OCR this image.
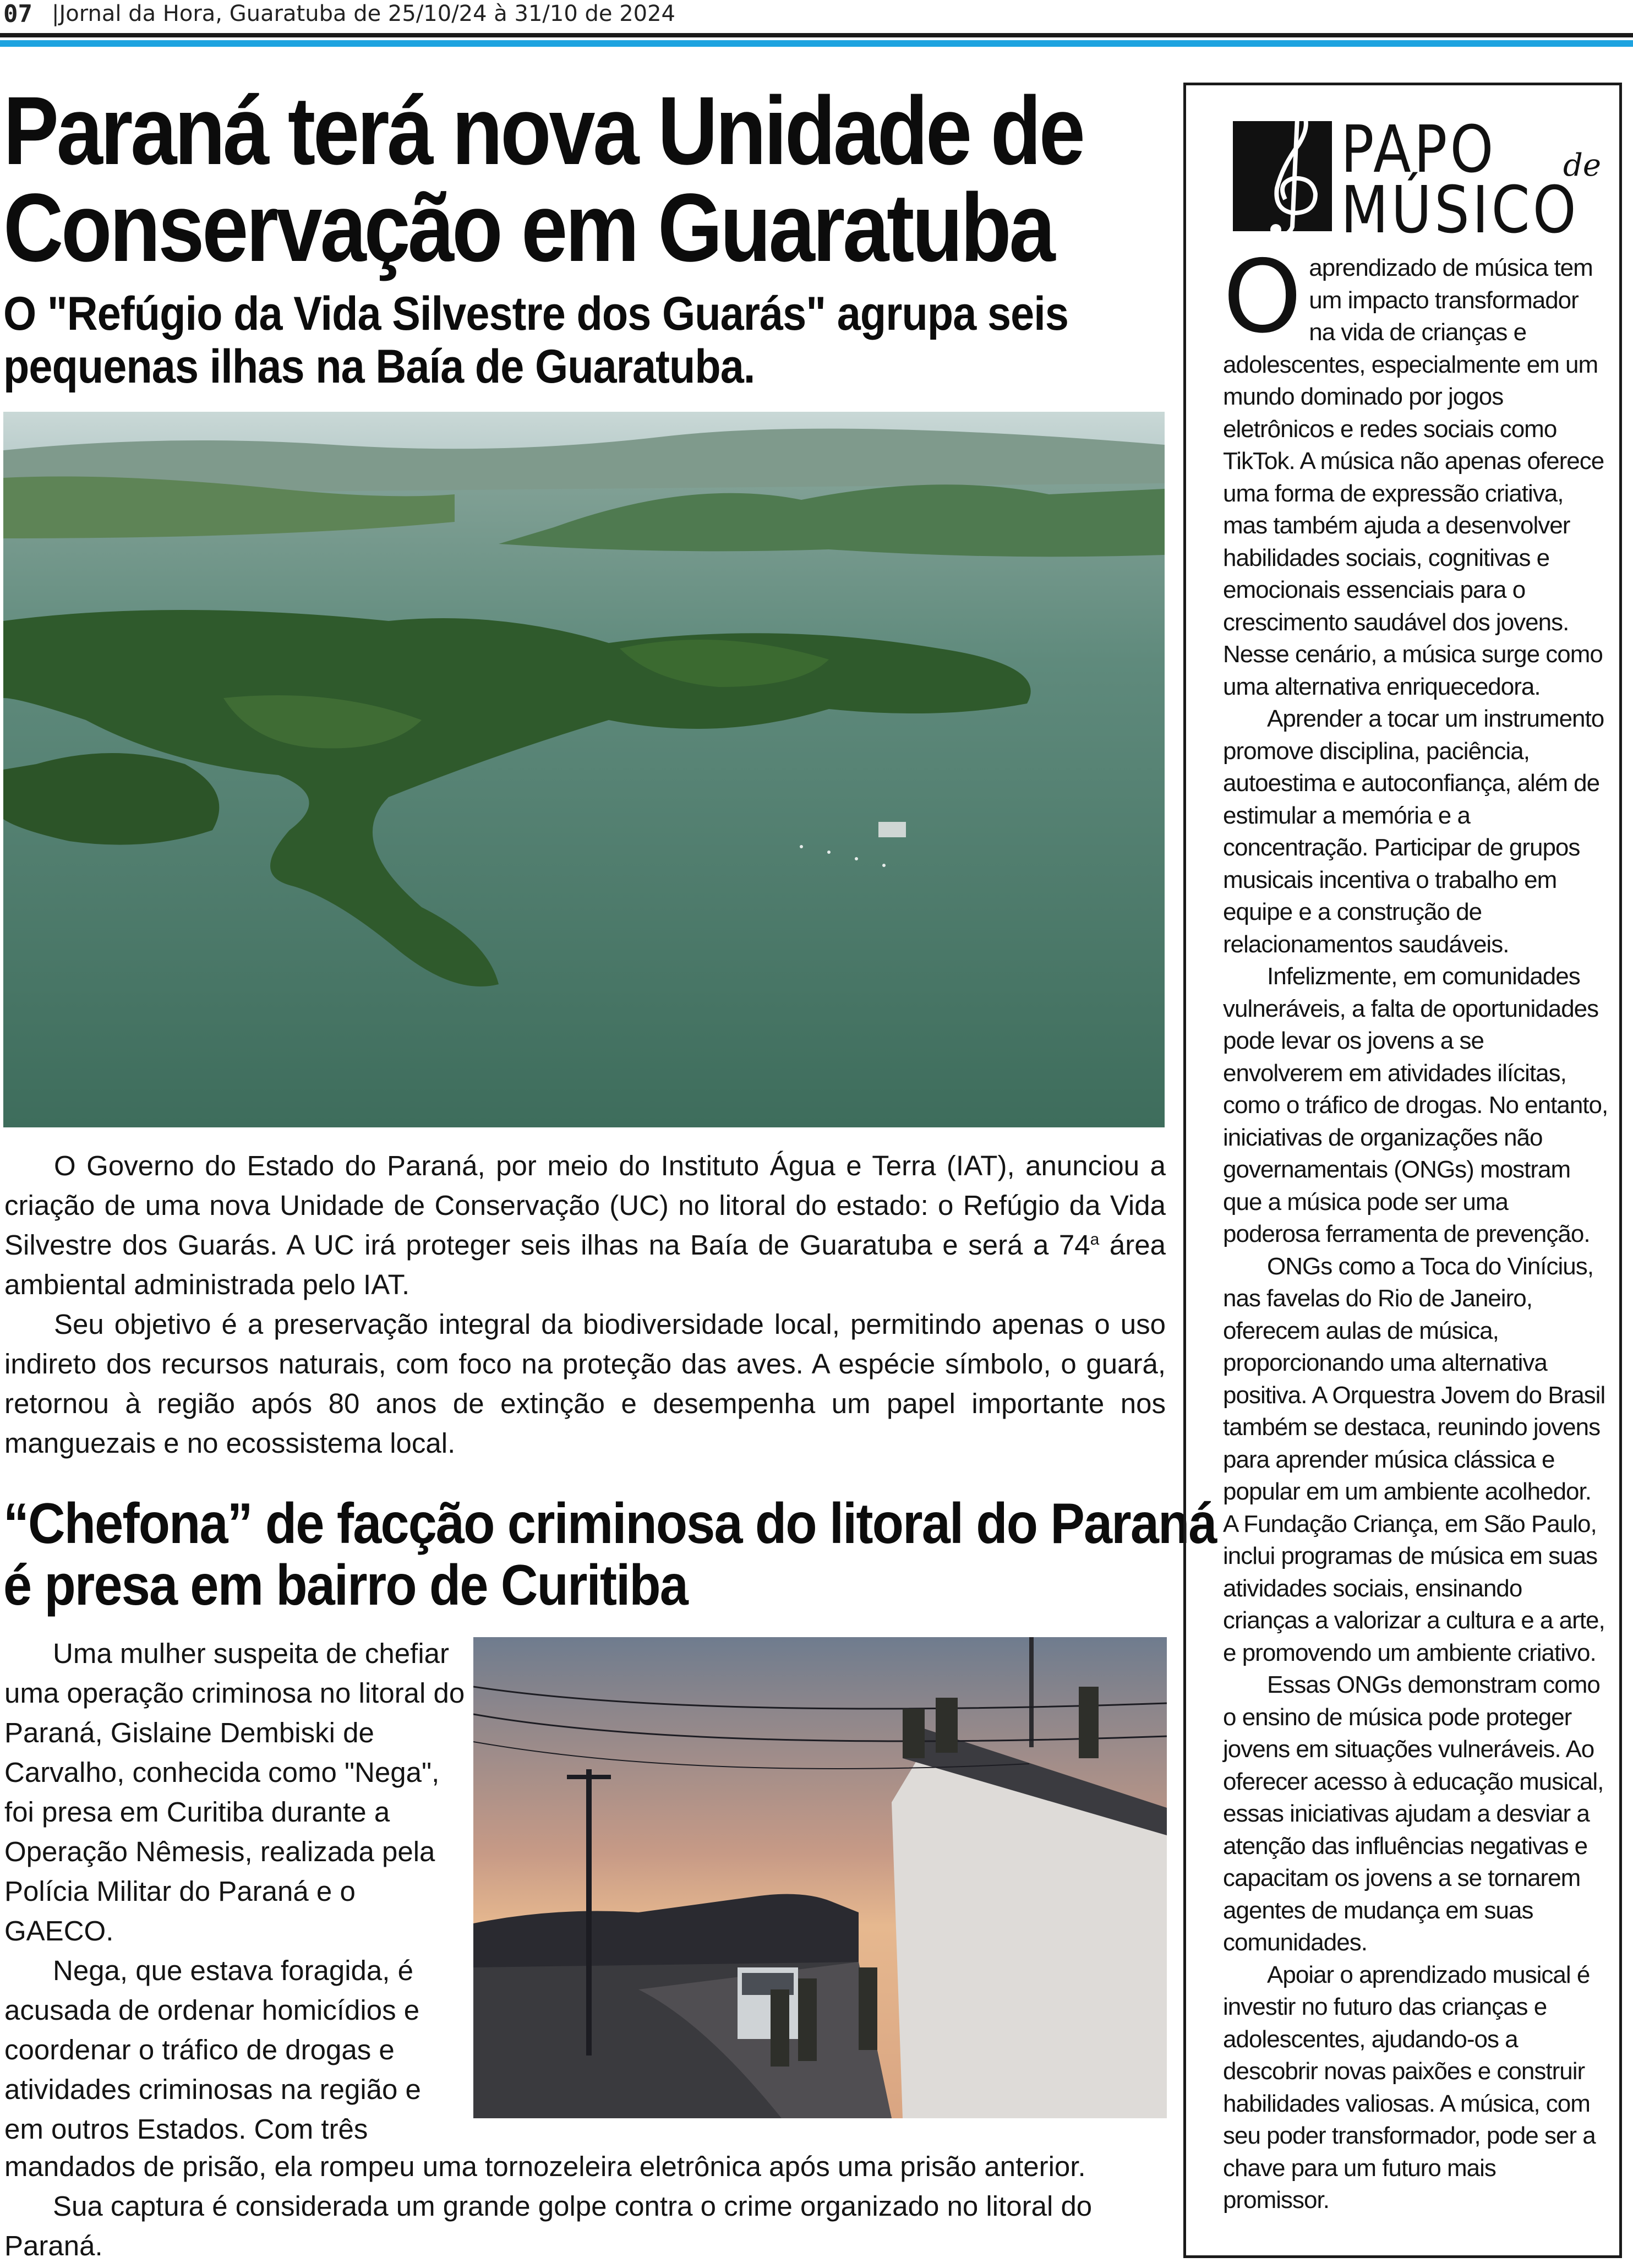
07 |Jornal da Hora, Guaratuba de 25/10/24 à 31/10 de 2024
Paraná terá nova Unidade de
Conservação em Guaratuba
O "Refúgio da Vida Silvestre dos Guarás" agrupa seis
pequenas ilhas na Baía de Guaratuba.

O Governo do Estado do Paraná, por meio do Instituto Água e Terra (IAT), anunciou a criação de uma nova Unidade de Conservação (UC) no litoral do estado: o Refúgio da Vida Silvestre dos Guarás. A UC irá proteger seis ilhas na Baía de Guaratuba e será a 74$^a$ área ambiental administrada pelo IAT.

Seu objetivo é a preservação integral da biodiversidade local, permitindo apenas o uso indireto dos recursos naturais, com foco na proteção das aves. A espécie símbolo, o guará, retornou à região após 80 anos de extinção e desempenha um papel importante nos manguezais e no ecossistema local.

“Chefona” de facção criminosa do litoral do Paraná
é presa em bairro de Curitiba

Uma mulher suspeita de chefiar uma operação criminosa no litoral do Paraná, Gislaine Dembiski de Carvalho, conhecida como "Nega", foi presa em Curitiba durante a Operação Nêmesis, realizada pela Polícia Militar do Paraná e o GAECO.

Nega, que estava foragida, é acusada de ordenar homicídios e coordenar o tráfico de drogas e atividades criminosas na região e em outros Estados. Com três

mandados de prisão, ela rompeu uma tornozeleira eletrônica após uma prisão anterior.

Sua captura é considerada um grande golpe contra o crime organizado no litoral do Paraná.

PAPO de
MÚSICO

Oaprendizado de música tem um impacto transformador na vida de crianças e adolescentes, especialmente em um mundo dominado por jogos eletrônicos e redes sociais como TikTok. A música não apenas oferece uma forma de expressão criativa, mas também ajuda a desenvolver habilidades sociais, cognitivas e emocionais essenciais para o crescimento saudável dos jovens. Nesse cenário, a música surge como uma alternativa enriquecedora.

Aprender a tocar um instrumento promove disciplina, paciência, autoestima e autoconfiança, além de estimular a memória e a concentração. Participar de grupos musicais incentiva o trabalho em equipe e a construção de relacionamentos saudáveis.

Infelizmente, em comunidades vulneráveis, a falta de oportunidades pode levar os jovens a se envolverem em atividades ilícitas, como o tráfico de drogas. No entanto, iniciativas de organizações não governamentais (ONGs) mostram que a música pode ser uma poderosa ferramenta de prevenção.

ONGs como a Toca do Vinícius, nas favelas do Rio de Janeiro, oferecem aulas de música, proporcionando uma alternativa positiva. A Orquestra Jovem do Brasil também se destaca, reunindo jovens para aprender música clássica e popular em um ambiente acolhedor. A Fundação Criança, em São Paulo, inclui programas de música em suas atividades sociais, ensinando crianças a valorizar a cultura e a arte, e promovendo um ambiente criativo.

Essas ONGs demonstram como o ensino de música pode proteger jovens em situações vulneráveis. Ao oferecer acesso à educação musical, essas iniciativas ajudam a desviar a atenção das influências negativas e capacitam os jovens a se tornarem agentes de mudança em suas comunidades.

Apoiar o aprendizado musical é investir no futuro das crianças e adolescentes, ajudando-os a descobrir novas paixões e construir habilidades valiosas. A música, com seu poder transformador, pode ser a chave para um futuro mais promissor.
